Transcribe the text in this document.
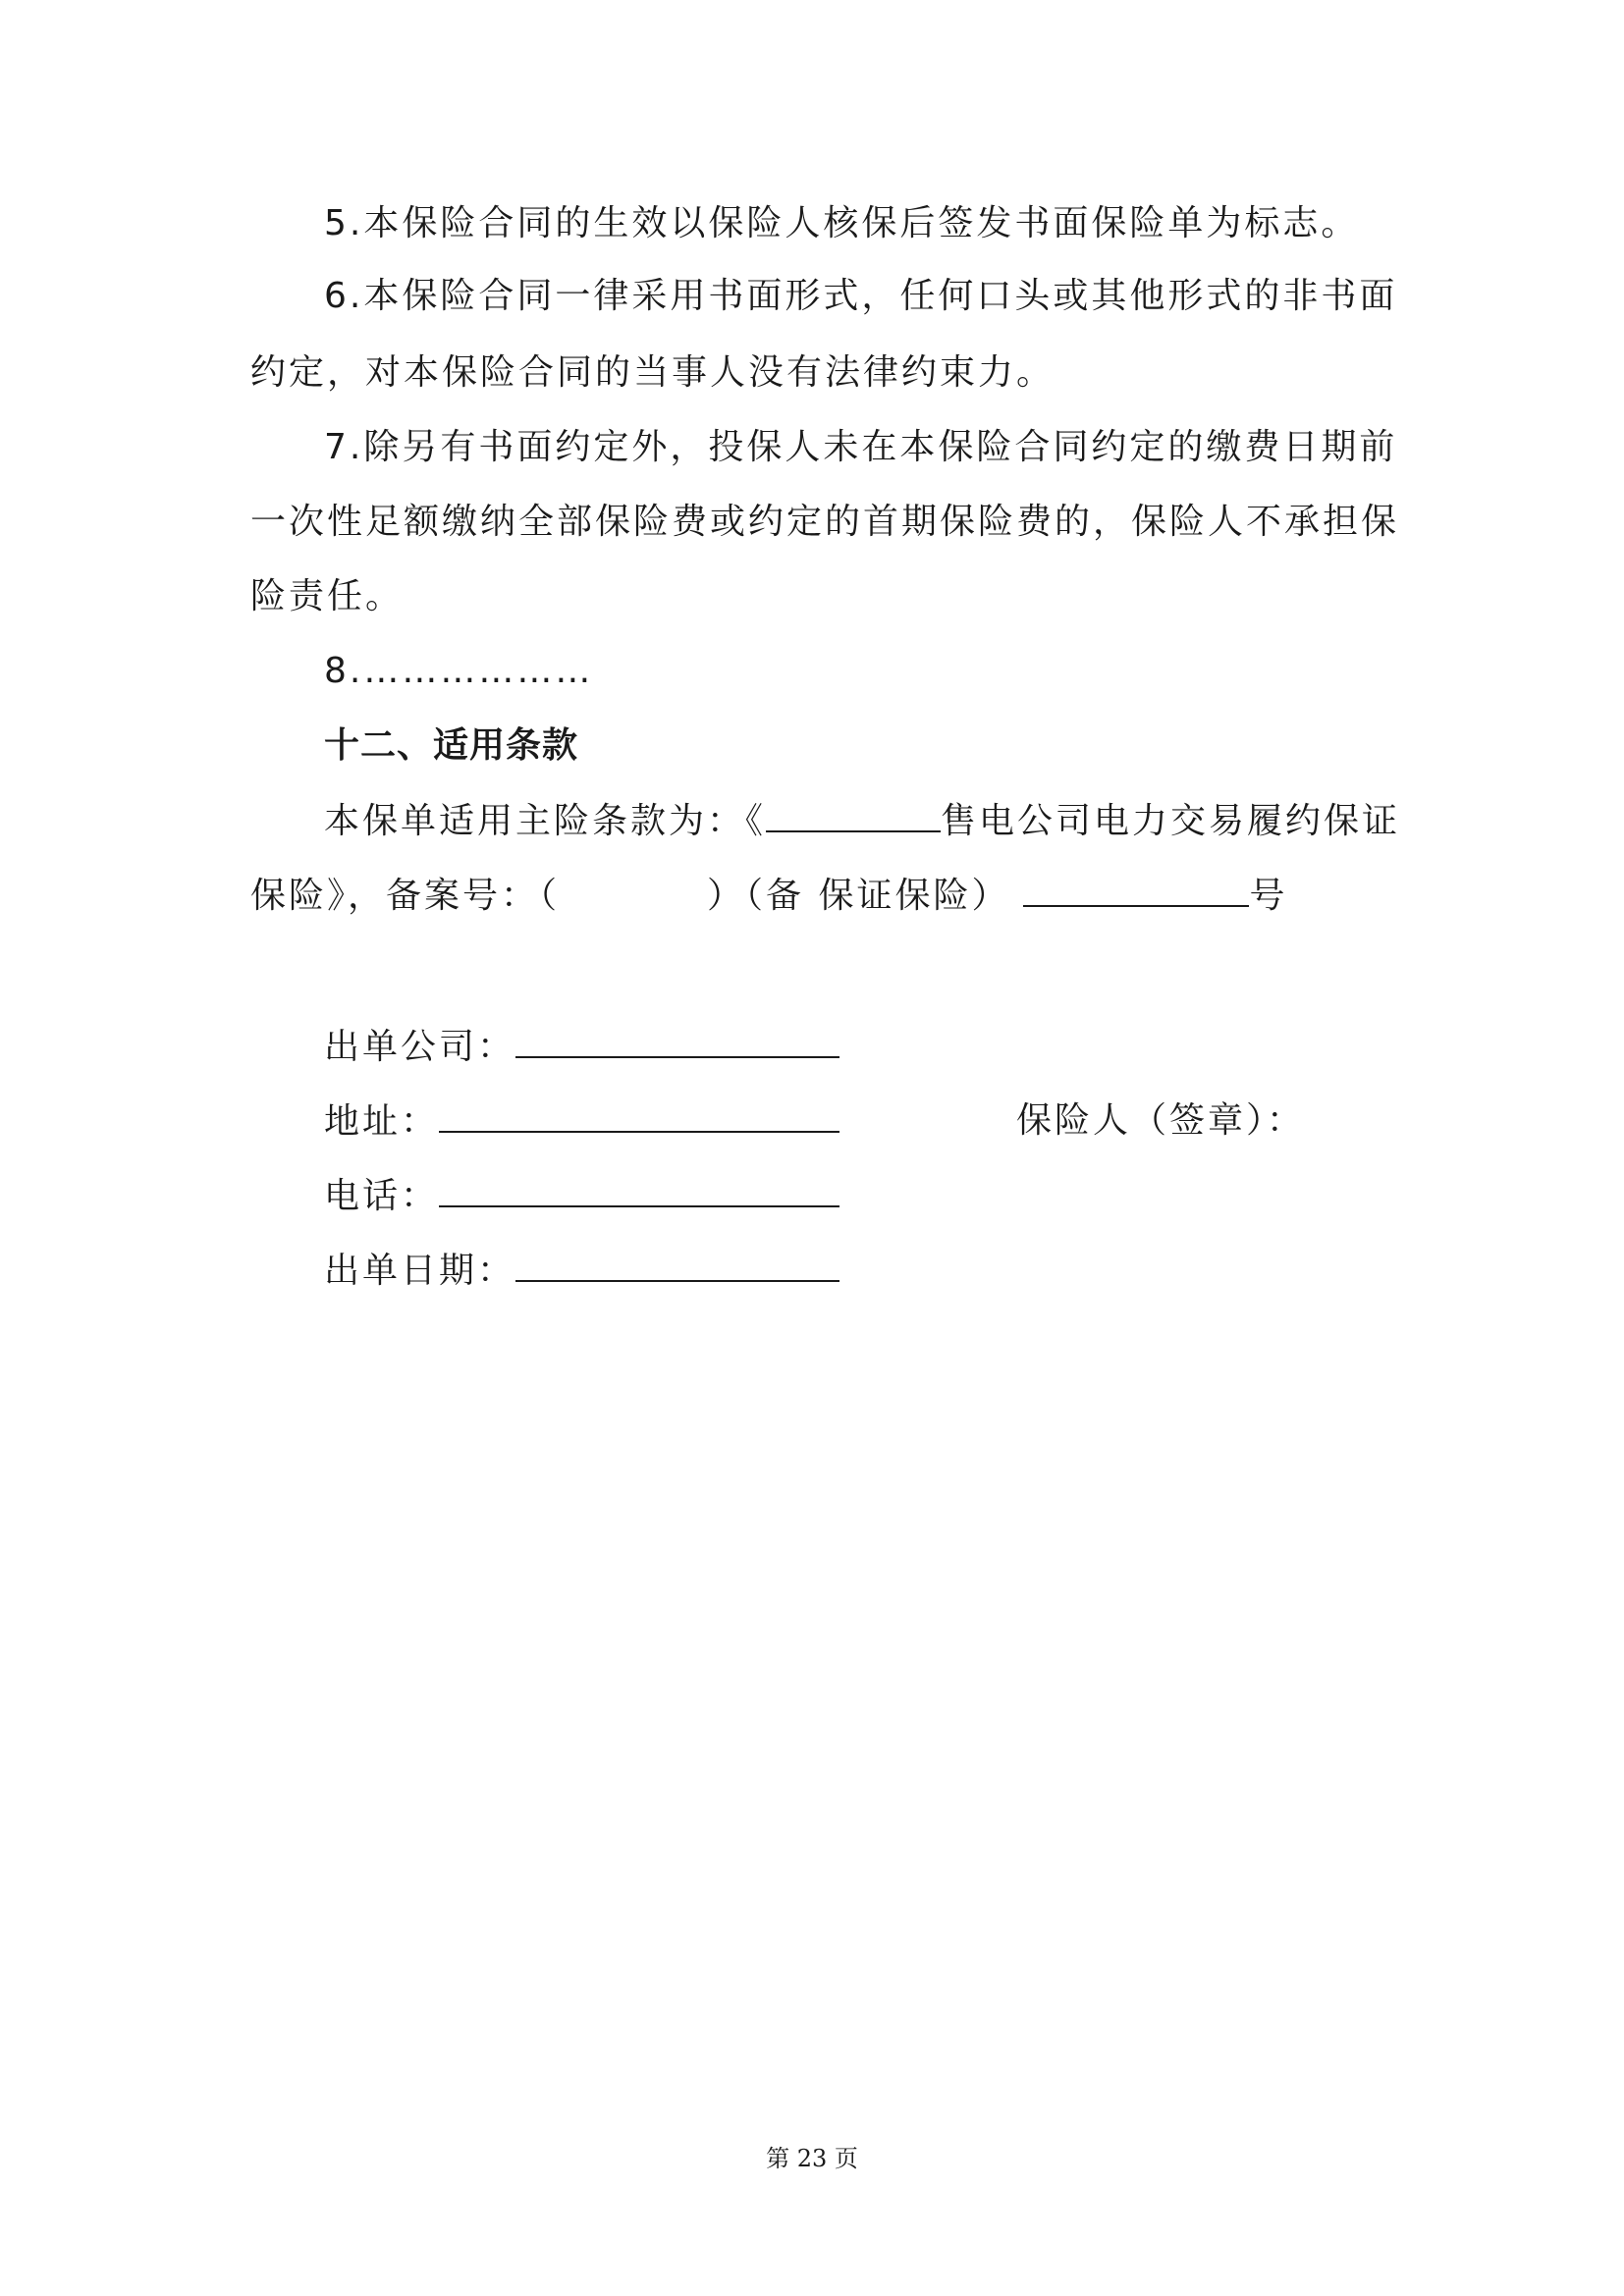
5.本保险合同的生效以保险人核保后签发书面保险单为标志。
6.本保险合同一律采用书面形式，任何口头或其他形式的非书面
约定，对本保险合同的当事人没有法律约束力。
7.除另有书面约定外，投保人未在本保险合同约定的缴费日期前
一次性足额缴纳全部保险费或约定的首期保险费的，保险人不承担保
险责任。
8.………………
十二、适用条款
本保单适用主险条款为：《	售电公司电力交易履约保证
保险》，备案号：（	）（备 保证保险）	号
出单公司：
地址：	保险人（签章）：
电话：
出单日期：
第 23 页
